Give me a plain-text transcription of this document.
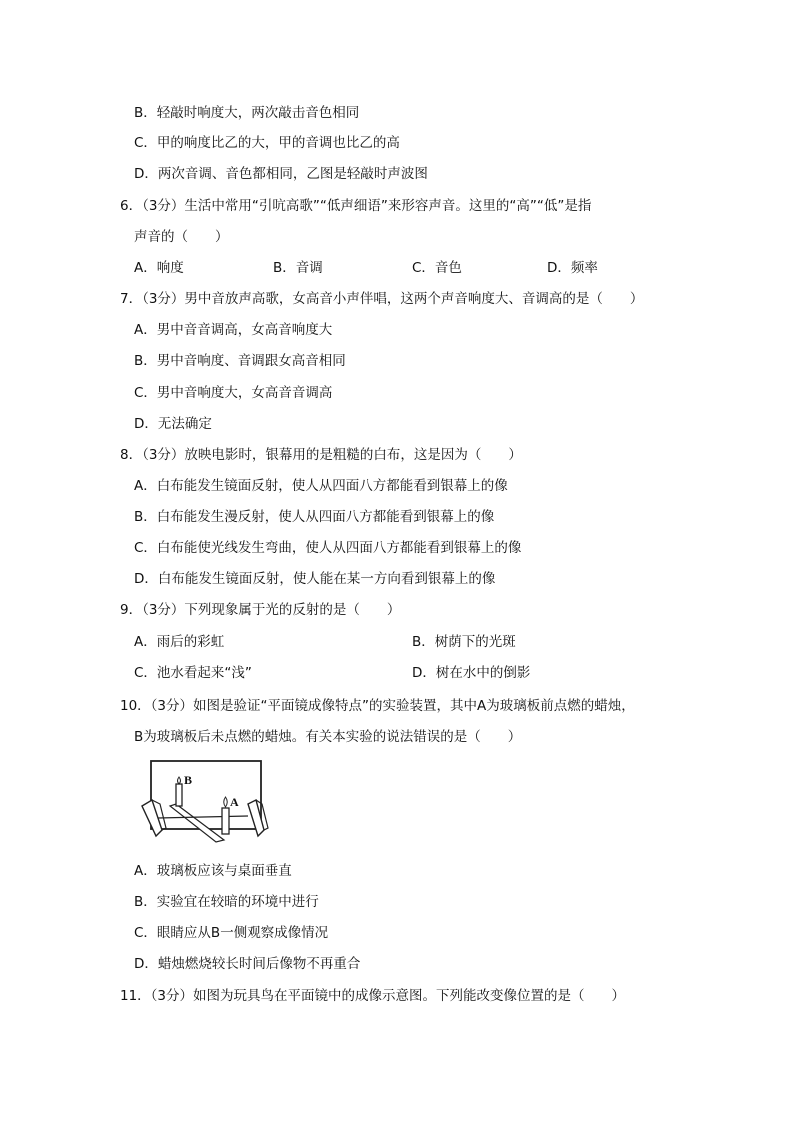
B．轻敲时响度大，两次敲击音色相同
C．甲的响度比乙的大，甲的音调也比乙的高
D．两次音调、音色都相同，乙图是轻敲时声波图
6．（3分）生活中常用“引吭高歌”“低声细语”来形容声音。这里的“高”“低”是指
声音的（　　）
A．响度	B．音调	C．音色	D．频率
7．（3分）男中音放声高歌，女高音小声伴唱，这两个声音响度大、音调高的是（　　）
A．男中音音调高，女高音响度大
B．男中音响度、音调跟女高音相同
C．男中音响度大，女高音音调高
D．无法确定
8．（3分）放映电影时，银幕用的是粗糙的白布，这是因为（　　）
A．白布能发生镜面反射，使人从四面八方都能看到银幕上的像
B．白布能发生漫反射，使人从四面八方都能看到银幕上的像
C．白布能使光线发生弯曲，使人从四面八方都能看到银幕上的像
D．白布能发生镜面反射，使人能在某一方向看到银幕上的像
9．（3分）下列现象属于光的反射的是（　　）
A．雨后的彩虹	B．树荫下的光斑
C．池水看起来“浅”	D．树在水中的倒影
10．（3分）如图是验证“平面镜成像特点”的实验装置，其中A为玻璃板前点燃的蜡烛，
B为玻璃板后未点燃的蜡烛。有关本实验的说法错误的是（　　）
B
A
A．玻璃板应该与桌面垂直
B．实验宜在较暗的环境中进行
C．眼睛应从B一侧观察成像情况
D．蜡烛燃烧较长时间后像物不再重合
11．（3分）如图为玩具鸟在平面镜中的成像示意图。下列能改变像位置的是（　　）
